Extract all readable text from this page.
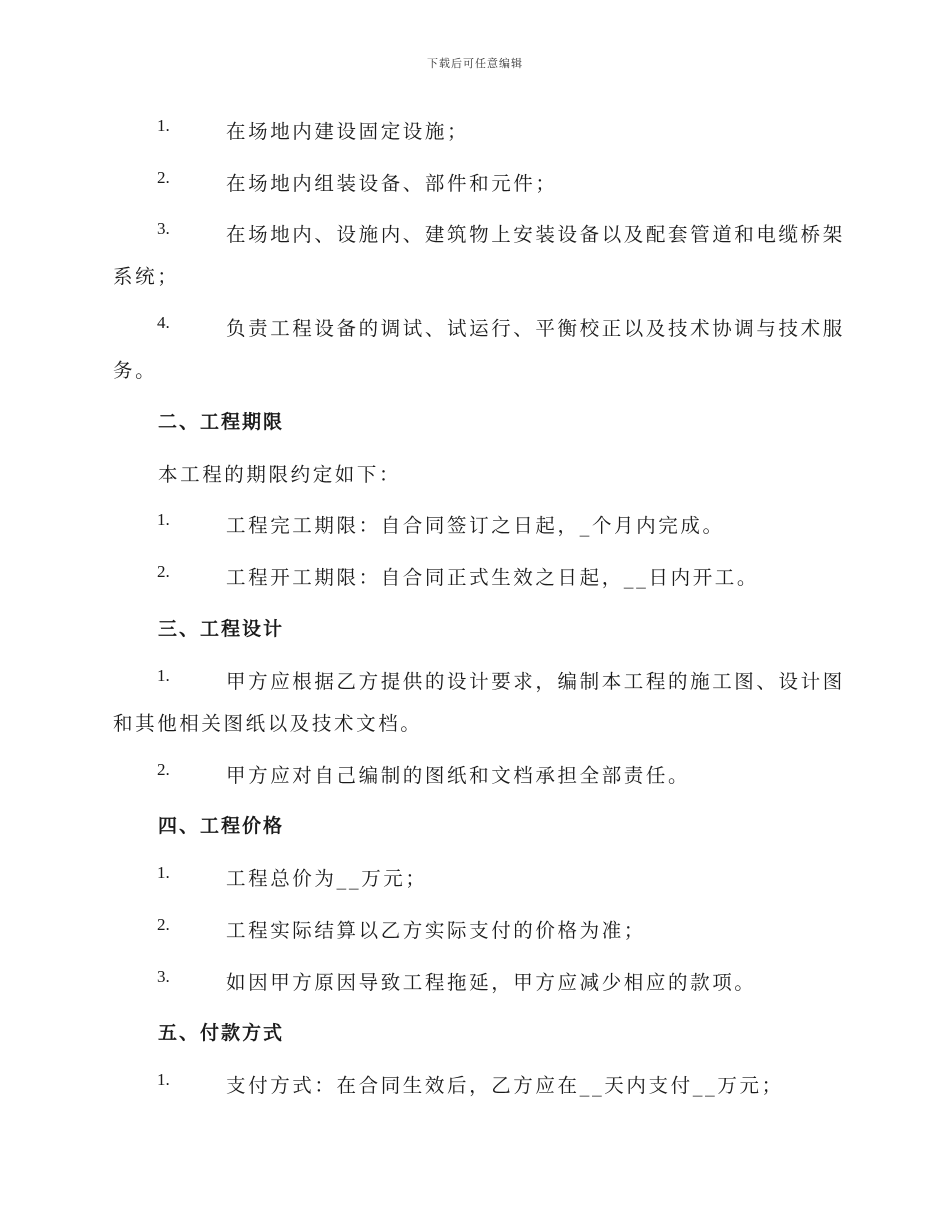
下载后可任意编辑
1.	在场地内建设固定设施；
2.	在场地内组装设备、部件和元件；
3.	在场地内、设施内、建筑物上安装设备以及配套管道和电缆桥架
系统；
4.	负责工程设备的调试、试运行、平衡校正以及技术协调与技术服
务。
二、工程期限
本工程的期限约定如下：
1.	工程完工期限：自合同签订之日起，_个月内完成。
2.	工程开工期限：自合同正式生效之日起，__日内开工。
三、工程设计
1.	甲方应根据乙方提供的设计要求，编制本工程的施工图、设计图
和其他相关图纸以及技术文档。
2.	甲方应对自己编制的图纸和文档承担全部责任。
四、工程价格
1.	工程总价为__万元；
2.	工程实际结算以乙方实际支付的价格为准；
3.	如因甲方原因导致工程拖延，甲方应减少相应的款项。
五、付款方式
1.	支付方式：在合同生效后，乙方应在__天内支付__万元；
